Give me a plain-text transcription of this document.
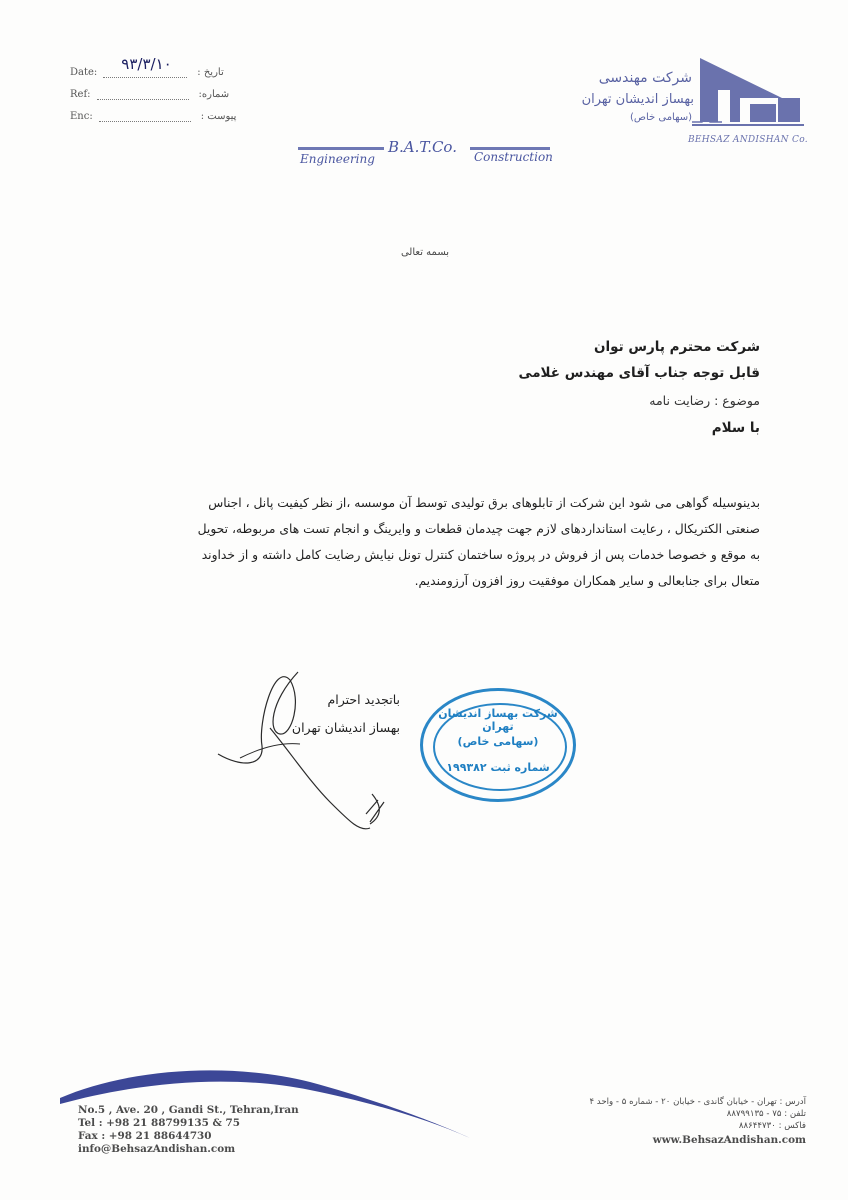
Date: ۹۳/۳/۱۰	تاریخ :
Ref:	شماره:
Enc:	پیوست :
شرکت مهندسی
بهساز اندیشان تهران
(سهامی خاص)
BEHSAZ ANDISHAN Co.
Engineering
B.A.T.Co.
Construction
بسمه تعالی
شرکت محترم پارس توان
قابل توجه جناب آقای مهندس غلامی
موضوع : رضایت نامه
با سلام
بدینوسیله گواهی می شود این شرکت از تابلوهای برق تولیدی توسط آن موسسه ،از نظر کیفیت پانل ، اجناس
صنعتی الکتریکال ، رعایت استانداردهای لازم جهت چیدمان قطعات و وایرینگ و انجام تست های مربوطه، تحویل
به موقع و خصوصا خدمات پس از فروش در پروژه ساختمان کنترل تونل نیایش رضایت کامل داشته و از خداوند
متعال برای جنابعالی و سایر همکاران موفقیت روز افزون آرزومندیم.
باتجدید احترام
بهساز اندیشان تهران
شرکت بهساز اندیشان تهران
(سهامی خاص)
شماره ثبت ۱۹۹۳۸۲
No.5 , Ave. 20 , Gandi St., Tehran,Iran
Tel : +98 21 88799135 & 75
Fax : +98 21 88644730
info@BehsazAndishan.com
آدرس : تهران - خیابان گاندی - خیابان ۲۰ - شماره ۵ - واحد ۴
تلفن : ۷۵ - ۸۸۷۹۹۱۳۵
فاکس : ۸۸۶۴۴۷۳۰
www.BehsazAndishan.com
